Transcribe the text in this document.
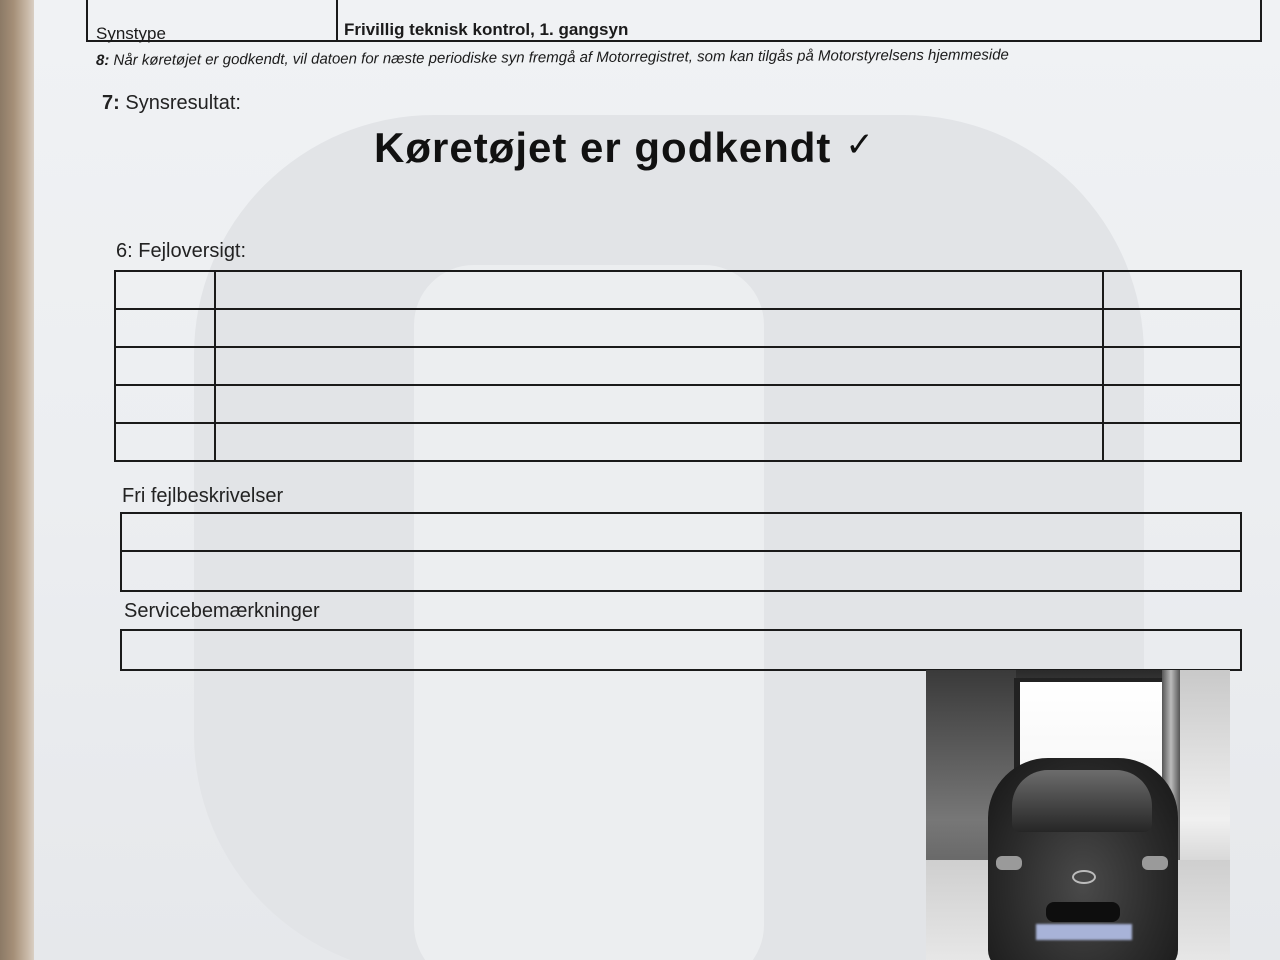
Synstype	Frivillig teknisk kontrol, 1. gangsyn
8: Når køretøjet er godkendt, vil datoen for næste periodiske syn fremgå af Motorregistret, som kan tilgås på Motorstyrelsens hjemmeside
7: Synsresultat:
Køretøjet er godkendt ✓
6: Fejloversigt:
Fri fejlbeskrivelser
Servicebemærkninger
